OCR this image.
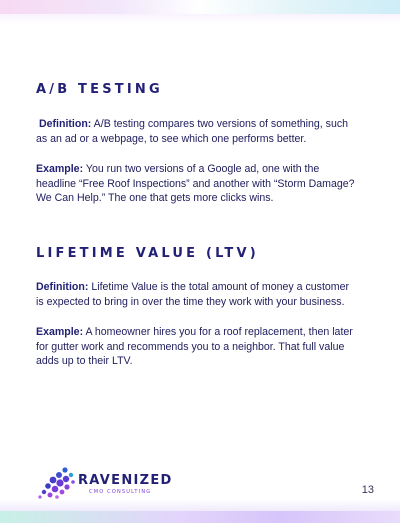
A/B TESTING

Definition: A/B testing compares two versions of something, such as an ad or a webpage, to see which one performs better.

Example: You run two versions of a Google ad, one with the headline “Free Roof Inspections” and another with “Storm Damage? We Can Help.” The one that gets more clicks wins.

LIFETIME VALUE (LTV)

Definition: Lifetime Value is the total amount of money a customer is expected to bring in over the time they work with your business.

Example: A homeowner hires you for a roof replacement, then later for gutter work and recommends you to a neighbor. That full value adds up to their LTV.

RAVENIZED
CMO CONSULTING	13
